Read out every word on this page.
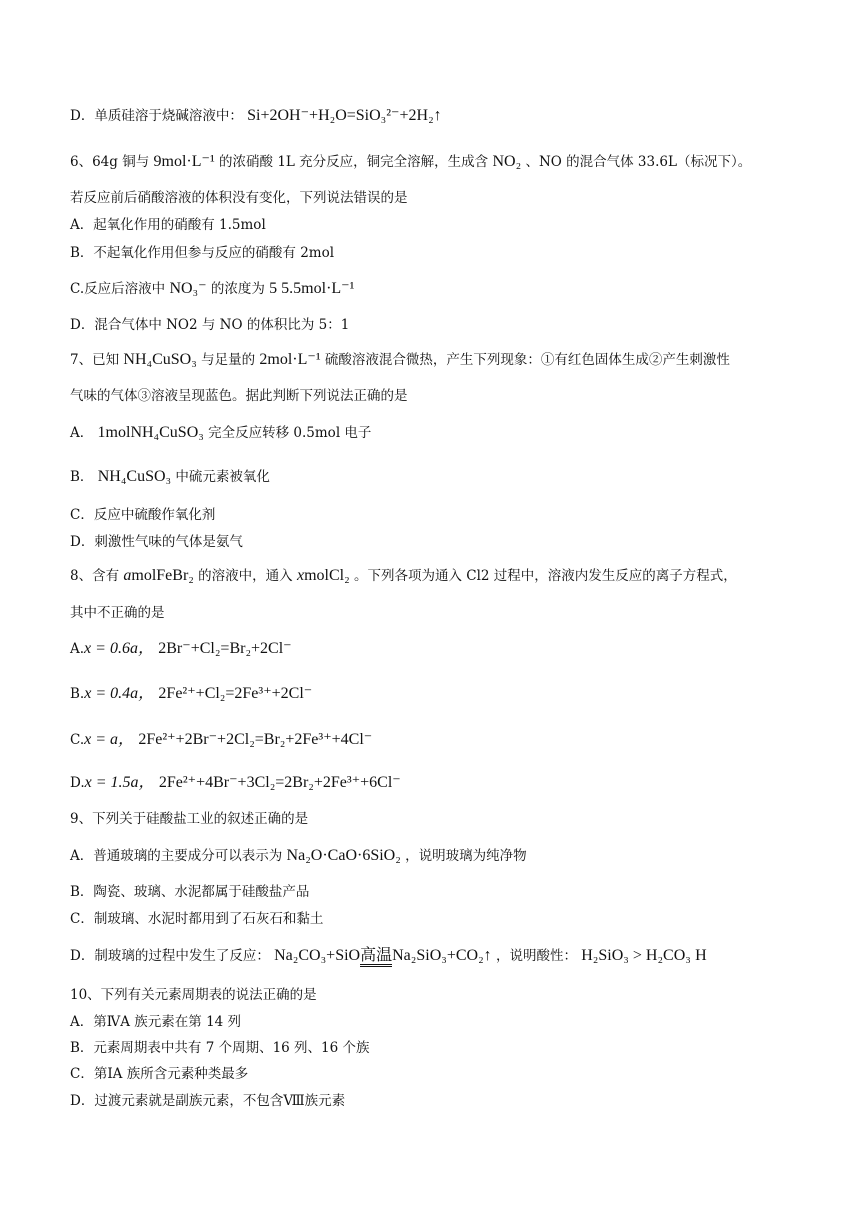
D．单质硅溶于烧碱溶液中： Si+2OH⁻+H₂O=SiO₃²⁻+2H₂↑
6、64g 铜与 9mol·L⁻¹ 的浓硝酸 1L 充分反应，铜完全溶解，生成含 NO₂ 、NO 的混合气体 33.6L（标况下）。
若反应前后硝酸溶液的体积没有变化，下列说法错误的是
A．起氧化作用的硝酸有 1.5mol
B．不起氧化作用但参与反应的硝酸有 2mol
C.反应后溶液中 NO₃⁻ 的浓度为 5 5.5mol·L⁻¹
D．混合气体中 NO2 与 NO 的体积比为 5：1
7、已知 NH₄CuSO₃ 与足量的 2mol·L⁻¹ 硫酸溶液混合微热，产生下列现象：①有红色固体生成②产生刺激性
气味的气体③溶液呈现蓝色。据此判断下列说法正确的是
A． 1molNH₄CuSO₃ 完全反应转移 0.5mol 电子
B． NH₄CuSO₃ 中硫元素被氧化
C．反应中硫酸作氧化剂
D．刺激性气味的气体是氨气
8、含有 amolFeBr₂ 的溶液中，通入 xmolCl₂ 。下列各项为通入 Cl2 过程中，溶液内发生反应的离子方程式，
其中不正确的是
A.x = 0.6a， 2Br⁻+Cl₂=Br₂+2Cl⁻
B.x = 0.4a， 2Fe²⁺+Cl₂=2Fe³⁺+2Cl⁻
C.x = a， 2Fe²⁺+2Br⁻+2Cl₂=Br₂+2Fe³⁺+4Cl⁻
D.x = 1.5a， 2Fe²⁺+4Br⁻+3Cl₂=2Br₂+2Fe³⁺+6Cl⁻
9、下列关于硅酸盐工业的叙述正确的是
A．普通玻璃的主要成分可以表示为 Na₂O·CaO·6SiO₂ ，说明玻璃为纯净物
B．陶瓷、玻璃、水泥都属于硅酸盐产品
C．制玻璃、水泥时都用到了石灰石和黏土
D．制玻璃的过程中发生了反应： Na₂CO₃+SiO高温Na₂SiO₃+CO₂↑ ，说明酸性： H₂SiO₃ > H₂CO₃ H
10、下列有关元素周期表的说法正确的是
A．第ⅣA 族元素在第 14 列
B．元素周期表中共有 7 个周期、16 列、16 个族
C．第ⅠA 族所含元素种类最多
D．过渡元素就是副族元素，不包含Ⅷ族元素
